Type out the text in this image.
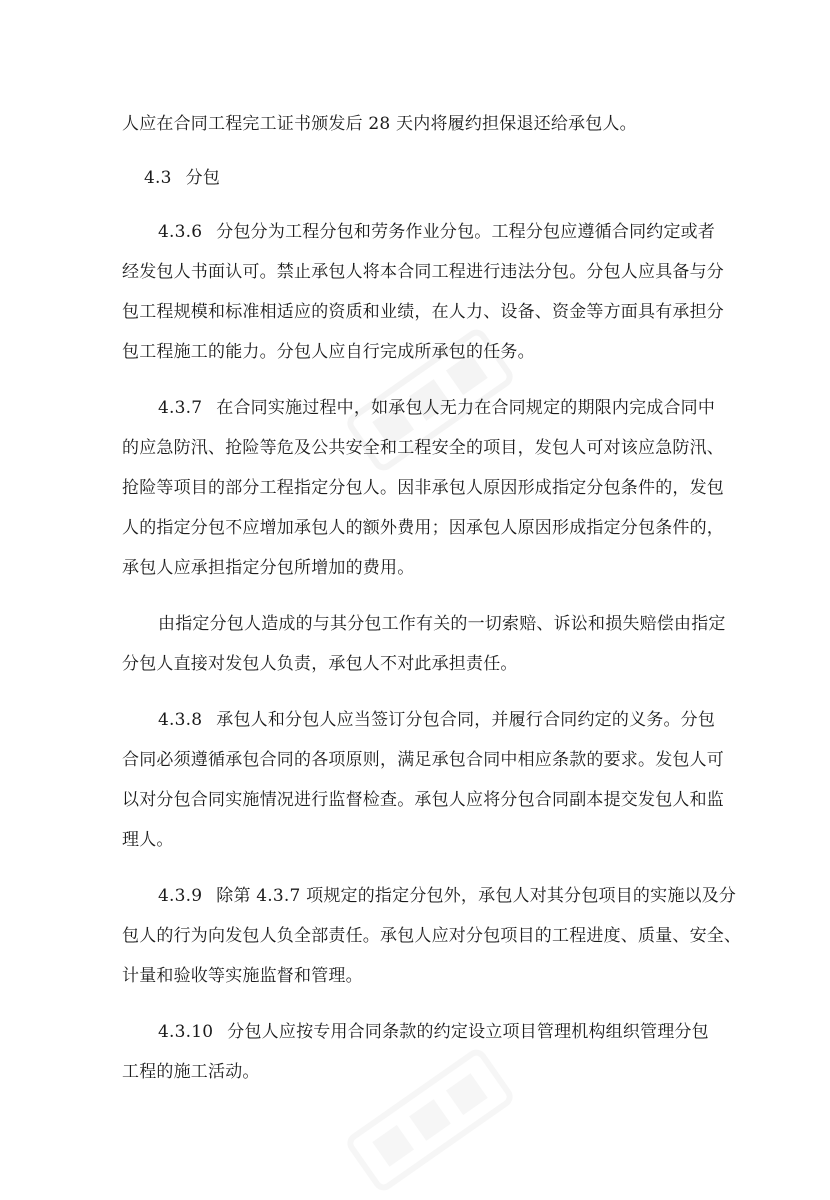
人应在合同工程完工证书颁发后 28 天内将履约担保退还给承包人。
4.3 分包
4.3.6 分包分为工程分包和劳务作业分包。工程分包应遵循合同约定或者
经发包人书面认可。禁止承包人将本合同工程进行违法分包。分包人应具备与分
包工程规模和标准相适应的资质和业绩，在人力、设备、资金等方面具有承担分
包工程施工的能力。分包人应自行完成所承包的任务。
4.3.7 在合同实施过程中，如承包人无力在合同规定的期限内完成合同中
的应急防汛、抢险等危及公共安全和工程安全的项目，发包人可对该应急防汛、
抢险等项目的部分工程指定分包人。因非承包人原因形成指定分包条件的，发包
人的指定分包不应增加承包人的额外费用；因承包人原因形成指定分包条件的，
承包人应承担指定分包所增加的费用。
由指定分包人造成的与其分包工作有关的一切索赔、诉讼和损失赔偿由指定
分包人直接对发包人负责，承包人不对此承担责任。
4.3.8 承包人和分包人应当签订分包合同，并履行合同约定的义务。分包
合同必须遵循承包合同的各项原则，满足承包合同中相应条款的要求。发包人可
以对分包合同实施情况进行监督检查。承包人应将分包合同副本提交发包人和监
理人。
4.3.9 除第 4.3.7 项规定的指定分包外，承包人对其分包项目的实施以及分
包人的行为向发包人负全部责任。承包人应对分包项目的工程进度、质量、安全、
计量和验收等实施监督和管理。
4.3.10 分包人应按专用合同条款的约定设立项目管理机构组织管理分包
工程的施工活动。
